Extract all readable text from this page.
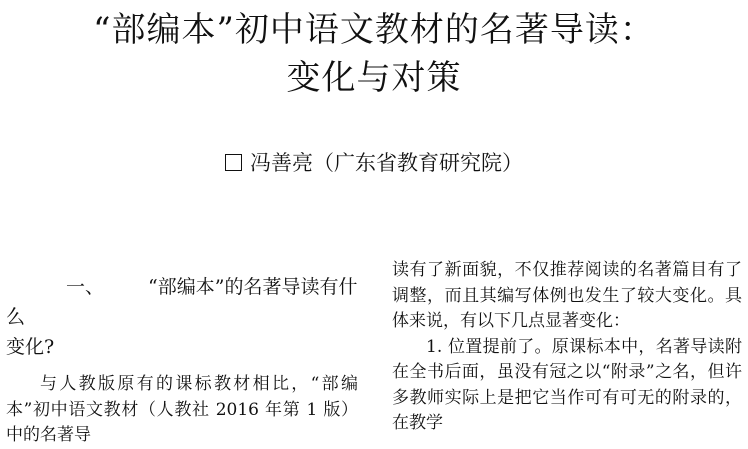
“部编本”初中语文教材的名著导读：
变化与对策
冯善亮（广东省教育研究院）
一、 “部编本”的名著导读有什么
变化?

与人教版原有的课标教材相比，“部编本”初中语文教材（人教社 2016 年第 1 版）中的名著导

读有了新面貌，不仅推荐阅读的名著篇目有了调整，而且其编写体例也发生了较大变化。具体来说，有以下几点显著变化：

1. 位置提前了。原课标本中，名著导读附在全书后面，虽没有冠之以“附录”之名，但许多教师实际上是把它当作可有可无的附录的，在教学
